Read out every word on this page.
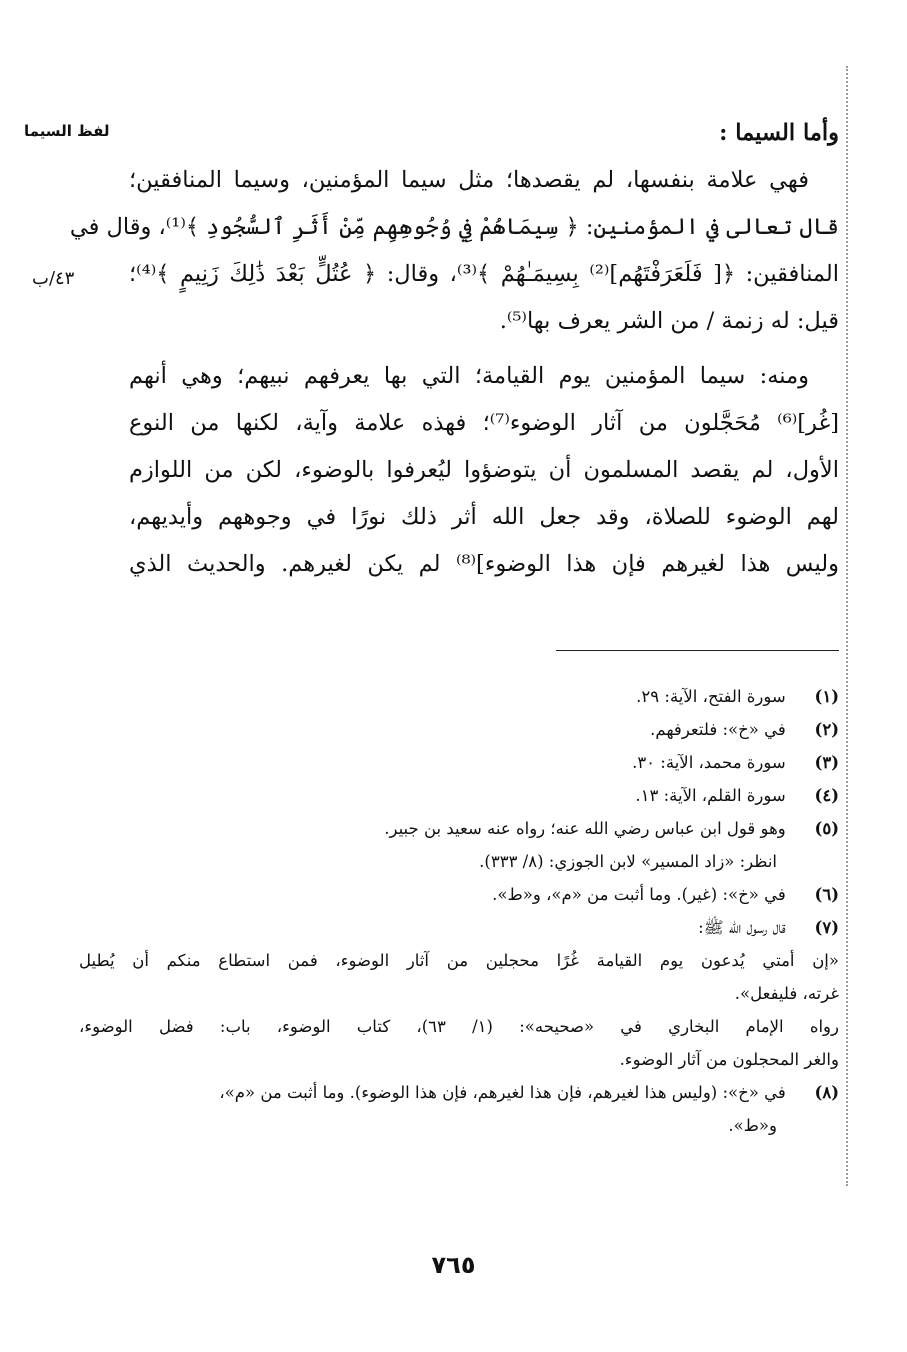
لفظ السيما
٤٣/ب
وأما السيما :
فهي علامة بنفسها، لم يقصدها؛ مثل سيما المؤمنين، وسيما المنافقين؛
قال تعالى في المؤمنين: ﴿ سِيمَاهُمْ فِي وُجُوهِهِم مِّنْ أَثَرِ ٱلسُّجُودِ ﴾⁽¹⁾، وقال في
المنافقين: ﴿[ فَلَعَرَفْتَهُم]⁽²⁾ بِسِيمَـٰهُمْ ﴾⁽³⁾، وقال: ﴿ عُتُلٍّ بَعْدَ ذَٰلِكَ زَنِيمٍ ﴾⁽⁴⁾؛
قيل: له زنمة / من الشر يعرف بها⁽⁵⁾.
ومنه: سيما المؤمنين يوم القيامة؛ التي بها يعرفهم نبيهم؛ وهي أنهم
[غُر]⁽⁶⁾ مُحَجَّلون من آثار الوضوء⁽⁷⁾؛ فهذه علامة وآية، لكنها من النوع
الأول، لم يقصد المسلمون أن يتوضؤوا ليُعرفوا بالوضوء، لكن من اللوازم
لهم الوضوء للصلاة، وقد جعل الله أثر ذلك نورًا في وجوههم وأيديهم،
وليس هذا لغيرهم فإن هذا الوضوء]⁽⁸⁾ لم يكن لغيرهم. والحديث الذي
(١) سورة الفتح، الآية: ٢٩.
(٢) في «خ»: فلتعرفهم.
(٣) سورة محمد، الآية: ٣٠.
(٤) سورة القلم، الآية: ١٣.
(٥) وهو قول ابن عباس رضي الله عنه؛ رواه عنه سعيد بن جبير.
انظر: «زاد المسير» لابن الجوزي: (٨/ ٣٣٣).
(٦) في «خ»: (غير). وما أثبت من «م»، و«ط».
(٧) قال رسول الله ﷺ:
«إن أمتي يُدعون يوم القيامة غُرًا محجلين من آثار الوضوء، فمن استطاع منكم أن يُطيل
غرته، فليفعل».
رواه الإمام البخاري في «صحيحه»: (١/ ٦٣)، كتاب الوضوء، باب: فضل الوضوء،
والغر المحجلون من آثار الوضوء.
(٨) في «خ»: (وليس هذا لغيرهم، فإن هذا لغيرهم، فإن هذا الوضوء). وما أثبت من «م»،
و«ط».
٧٦٥
